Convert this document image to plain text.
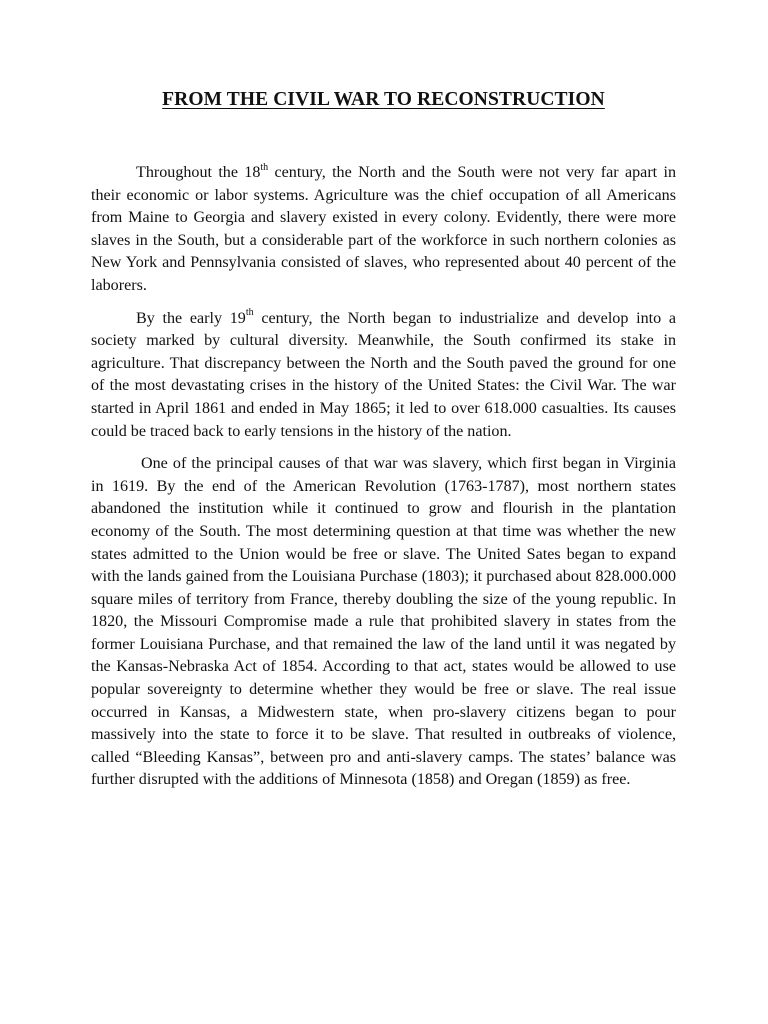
FROM THE CIVIL WAR TO RECONSTRUCTION

Throughout the 18th century, the North and the South were not very far apart in their economic or labor systems. Agriculture was the chief occupation of all Americans from Maine to Georgia and slavery existed in every colony. Evidently, there were more slaves in the South, but a considerable part of the workforce in such northern colonies as New York and Pennsylvania consisted of slaves, who represented about 40 percent of the laborers.

By the early 19th century, the North began to industrialize and develop into a society marked by cultural diversity. Meanwhile, the South confirmed its stake in agriculture. That discrepancy between the North and the South paved the ground for one of the most devastating crises in the history of the United States: the Civil War. The war started in April 1861 and ended in May 1865; it led to over 618.000 casualties. Its causes could be traced back to early tensions in the history of the nation.

One of the principal causes of that war was slavery, which first began in Virginia in 1619. By the end of the American Revolution (1763-1787), most northern states abandoned the institution while it continued to grow and flourish in the plantation economy of the South. The most determining question at that time was whether the new states admitted to the Union would be free or slave. The United Sates began to expand with the lands gained from the Louisiana Purchase (1803); it purchased about 828.000.000 square miles of territory from France, thereby doubling the size of the young republic. In 1820, the Missouri Compromise made a rule that prohibited slavery in states from the former Louisiana Purchase, and that remained the law of the land until it was negated by the Kansas-Nebraska Act of 1854. According to that act, states would be allowed to use popular sovereignty to determine whether they would be free or slave. The real issue occurred in Kansas, a Midwestern state, when pro-slavery citizens began to pour massively into the state to force it to be slave. That resulted in outbreaks of violence, called “Bleeding Kansas”, between pro and anti-slavery camps. The states’ balance was further disrupted with the additions of Minnesota (1858) and Oregan (1859) as free.
